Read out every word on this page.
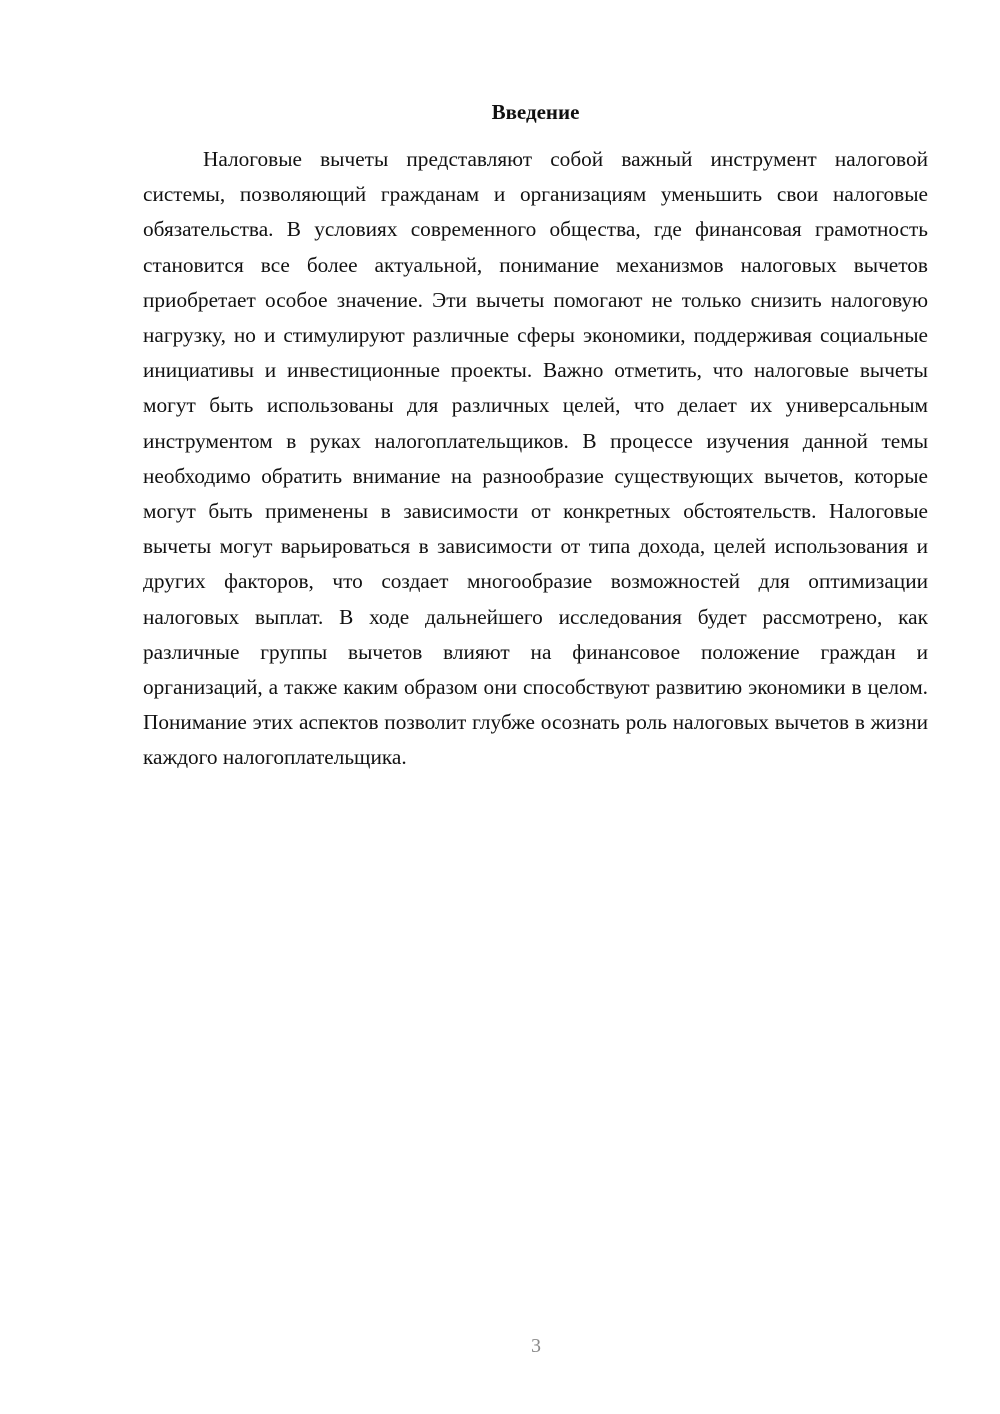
Введение

Налоговые вычеты представляют собой важный инструмент налоговой системы, позволяющий гражданам и организациям уменьшить свои налоговые обязательства. В условиях современного общества, где финансовая грамотность становится все более актуальной, понимание механизмов налоговых вычетов приобретает особое значение. Эти вычеты помогают не только снизить налоговую нагрузку, но и стимулируют различные сферы экономики, поддерживая социальные инициативы и инвестиционные проекты. Важно отметить, что налоговые вычеты могут быть использованы для различных целей, что делает их универсальным инструментом в руках налогоплательщиков. В процессе изучения данной темы необходимо обратить внимание на разнообразие существующих вычетов, которые могут быть применены в зависимости от конкретных обстоятельств. Налоговые вычеты могут варьироваться в зависимости от типа дохода, целей использования и других факторов, что создает многообразие возможностей для оптимизации налоговых выплат. В ходе дальнейшего исследования будет рассмотрено, как различные группы вычетов влияют на финансовое положение граждан и организаций, а также каким образом они способствуют развитию экономики в целом. Понимание этих аспектов позволит глубже осознать роль налоговых вычетов в жизни каждого налогоплательщика.

3
